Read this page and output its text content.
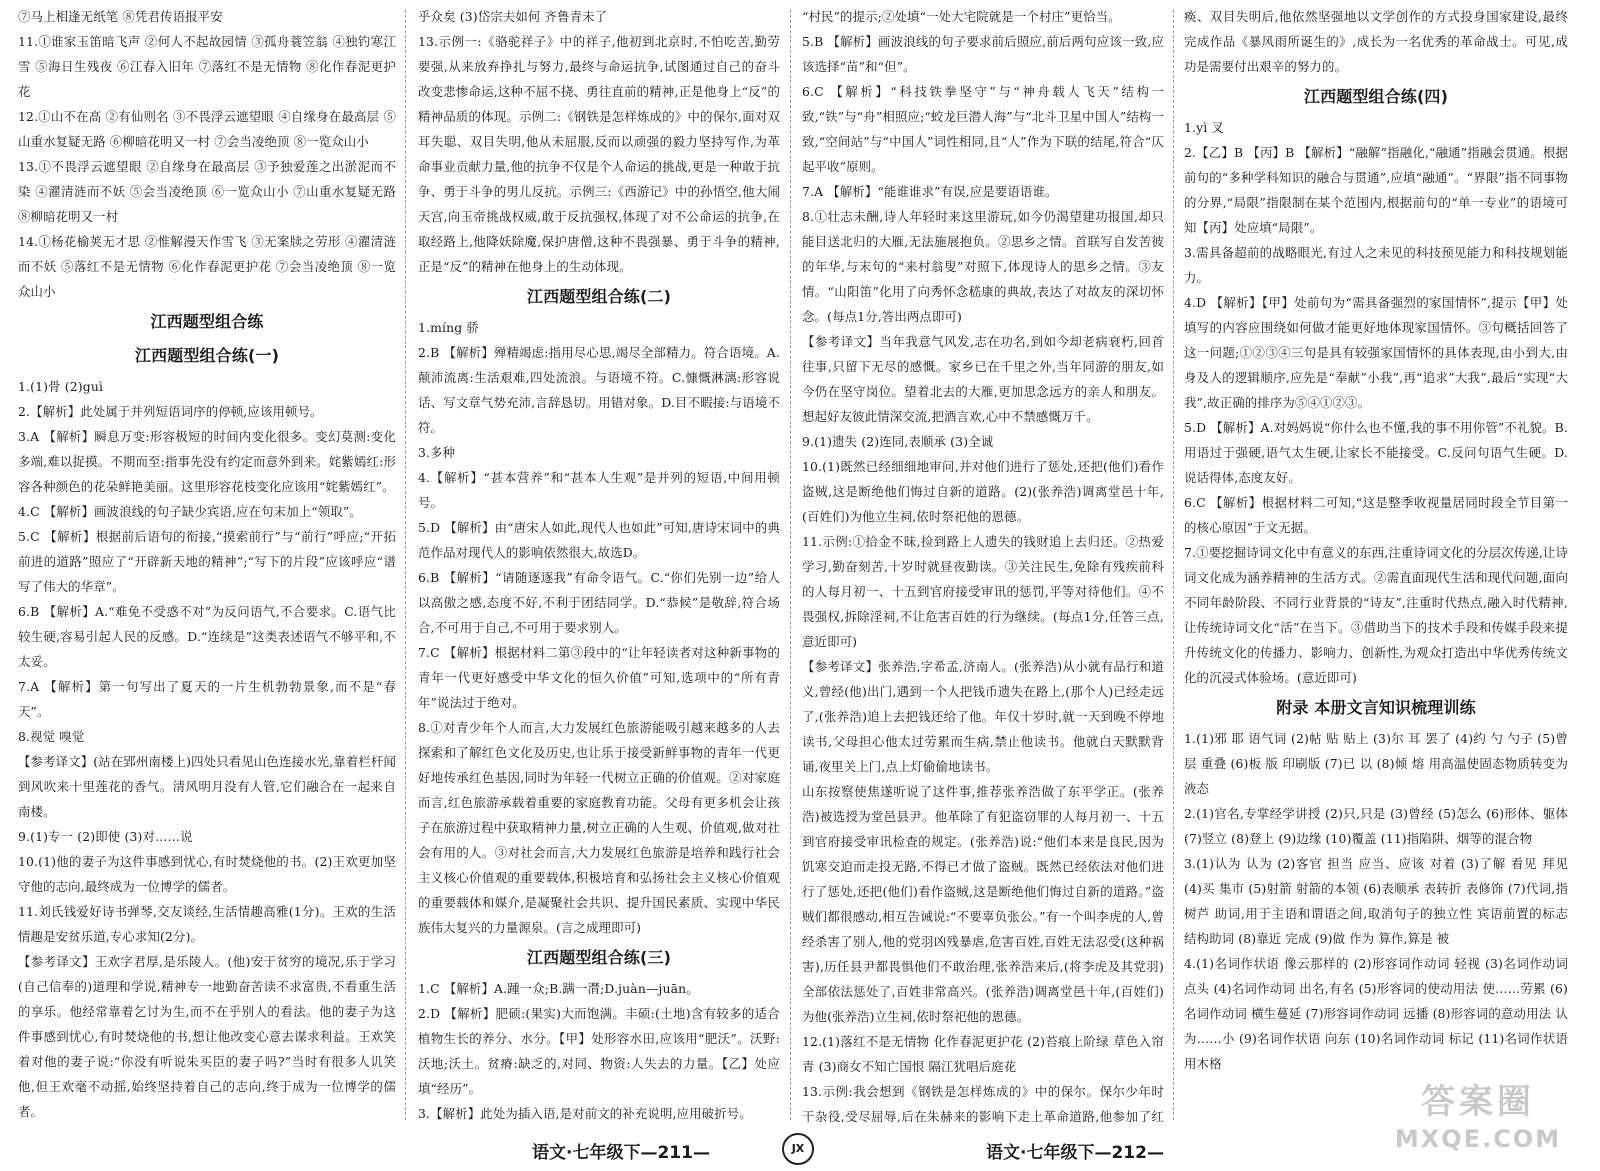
⑦马上相逢无纸笔 ⑧凭君传语报平安
11.①谁家玉笛暗飞声 ②何人不起故园情 ③孤舟蓑笠翁 ④独钓寒江雪 ⑤海日生残夜 ⑥江春入旧年 ⑦落红不是无情物 ⑧化作春泥更护花
12.①山不在高 ②有仙则名 ③不畏浮云遮望眼 ④自缘身在最高层 ⑤山重水复疑无路 ⑥柳暗花明又一村 ⑦会当凌绝顶 ⑧一览众山小
13.①不畏浮云遮望眼 ②自缘身在最高层 ③予独爱莲之出淤泥而不染 ④濯清涟而不妖 ⑤会当凌绝顶 ⑥一览众山小 ⑦山重水复疑无路 ⑧柳暗花明又一村
14.①杨花榆荚无才思 ②惟解漫天作雪飞 ③无案牍之劳形 ④濯清涟而不妖 ⑤落红不是无情物 ⑥化作春泥更护花 ⑦会当凌绝顶 ⑧一览众山小
江西题型组合练
江西题型组合练(一)
1.(1)骨 (2)guì
2.【解析】此处属于并列短语词序的停顿,应该用顿号。
3.A 【解析】瞬息万变:形容极短的时间内变化很多。变幻莫测:变化多端,难以捉摸。不期而至:指事先没有约定而意外到来。姹紫嫣红:形容各种颜色的花朵鲜艳美丽。这里形容花枝变化应该用“姹紫嫣红”。
4.C 【解析】画波浪线的句子缺少宾语,应在句末加上“领取”。
5.C 【解析】根据前后语句的衔接,“摸索前行”与“前行”呼应;“开拓前进的道路”照应了“开辟新天地的精神”;“写下的片段”应该呼应“谱写了伟大的华章”。
6.B 【解析】A.“难免不受惑不对”为反问语气,不合要求。C.语气比较生硬,容易引起人民的反感。D.“连续是”这类表述语气不够平和,不太妥。
7.A 【解析】第一句写出了夏天的一片生机勃勃景象,而不是“春天”。
8.视觉 嗅觉
【参考译文】(站在郢州南楼上)四处只看见山色连接水光,靠着栏杆闻到风吹来十里莲花的香气。清风明月没有人管,它们融合在一起来自南楼。
9.(1)专一 (2)即使 (3)对……说
10.(1)他的妻子为这件事感到忧心,有时焚烧他的书。(2)王欢更加坚守他的志向,最终成为一位博学的儒者。
11.刘氏钱爱好诗书弹琴,交友谈经,生活情趣高雅(1分)。王欢的生活情趣是安贫乐道,专心求知(2分)。
【参考译文】王欢字君厚,是乐陵人。(他)安于贫穷的境况,乐于学习(自己信奉的)道理和学说,精神专一地勤奋苦读不求富贵,不看重生活的享乐。他经常靠着乞讨为生,而不在乎别人的看法。他的妻子为这件事感到忧心,有时焚烧他的书,想让他改变心意去谋求利益。王欢笑着对他的妻子说:“你没有听说朱买臣的妻子吗?”当时有很多人讥笑他,但王欢毫不动摇,始终坚持着自己的志向,终于成为一位博学的儒者。
乎众矣 (3)岱宗夫如何 齐鲁青未了
13.示例一:《骆驼祥子》中的祥子,他初到北京时,不怕吃苦,勤劳要强,从来放弃挣扎与努力,最终与命运抗争,试图通过自己的奋斗改变悲惨命运,这种不屈不挠、勇往直前的精神,正是他身上“反”的精神品质的体现。示例二:《钢铁是怎样炼成的》中的保尔,面对双耳失聪、双目失明,他从未屈服,反而以顽强的毅力坚持写作,为革命事业贡献力量,他的抗争不仅是个人命运的挑战,更是一种敢于抗争、勇于斗争的男儿反抗。示例三:《西游记》中的孙悟空,他大闹天宫,向玉帝挑战权威,敢于反抗强权,体现了对不公命运的抗争,在取经路上,他降妖除魔,保护唐僧,这种不畏强暴、勇于斗争的精神,正是“反”的精神在他身上的生动体现。
江西题型组合练(二)
1.míng 骄
2.B 【解析】殚精竭虑:指用尽心思,竭尽全部精力。符合语境。A.颠沛流离:生活艰难,四处流浪。与语境不符。C.慷慨淋漓:形容说话、写文章气势充沛,言辞恳切。用错对象。D.目不暇接:与语境不符。
3.多种
4.【解析】“甚本营养”和“甚本人生观”是并列的短语,中间用顿号。
5.D 【解析】由“唐宋人如此,现代人也如此”可知,唐诗宋词中的典范作品对现代人的影响依然很大,故选D。
6.B 【解析】“请随逐逐我”有命令语气。C.“你们先别一边”给人以高傲之感,态度不好,不利于团结同学。D.“恭候”是敬辞,符合场合,不可用于自己,不可用于要求别人。
7.C 【解析】根据材料二第③段中的“让年轻读者对这种新事物的青年一代更好感受中华文化的恒久价值”可知,选项中的“所有青年”说法过于绝对。
8.①对青少年个人而言,大力发展红色旅游能吸引越来越多的人去探索和了解红色文化及历史,也让乐于接受新鲜事物的青年一代更好地传承红色基因,同时为年轻一代树立正确的价值观。②对家庭而言,红色旅游承载着重要的家庭教育功能。父母有更多机会让孩子在旅游过程中获取精神力量,树立正确的人生观、价值观,做对社会有用的人。③对社会而言,大力发展红色旅游是培养和践行社会主义核心价值观的重要载体,积极培育和弘扬社会主义核心价值观的重要载体和媒介,是凝聚社会共识、提升国民素质、实现中华民族伟大复兴的力量源泉。(言之成理即可)
江西题型组合练(三)
1.C 【解析】A.踵一众;B.蹒一潸;D.juàn—juān。
2.D 【解析】肥硕:(果实)大而饱满。丰硕:(土地)含有较多的适合植物生长的养分、水分。【甲】处形容水田,应该用“肥沃”。沃野:沃地;沃土。贫瘠:缺乏的,对同、物资:人失去的力量。【乙】处应填“经历”。
3.【解析】此处为插入语,是对前文的补充说明,应用破折号。
“村民”的提示;②处填“一处大宅院就是一个村庄”更恰当。
5.B 【解析】画波浪线的句子要求前后照应,前后两句应该一致,应该选择“苗”和“但”。
6.C 【解析】“科技铁拳坚守”与“神舟载人飞天”结构一致,“铁”与“舟”相照应;“蛟龙巨潜人海”与“北斗卫星中国人”结构一致,“空间站”与“中国人”词性相同,且“人”作为下联的结尾,符合“仄起平收”原则。
7.A 【解析】“能谁谁求”有误,应是要语语谁。
8.①壮志未酬,诗人年轻时来这里游玩,如今仍渴望建功报国,却只能目送北归的大雁,无法施展抱负。②思乡之情。首联写自发苦彼的年华,与末句的“来村翁叟”对照下,体现诗人的思乡之情。③友情。“山阳笛”化用了向秀怀念嵇康的典故,表达了对故友的深切怀念。(每点1分,答出两点即可)
【参考译文】当年我意气风发,志在功名,到如今却老病衰朽,回首往事,只留下无尽的感慨。家乡已在千里之外,当年同游的朋友,如今仍在坚守岗位。望着北去的大雁,更加思念远方的亲人和朋友。想起好友彼此情深交流,把酒言欢,心中不禁感慨万千。
9.(1)遗失 (2)连同,表顺承 (3)全诚
10.(1)既然已经细细地审问,并对他们进行了惩处,还把(他们)看作盗贼,这是断绝他们悔过自新的道路。(2)(张养浩)调离堂邑十年,(百姓们)为他立生祠,依时祭祀他的恩德。
11.示例:①拾金不昧,捡到路上人遗失的钱财追上去归还。②热爱学习,勤奋刻苦,十岁时就昼夜勤读。③关注民生,免除有残疾前科的人每月初一、十五到官府接受审讯的惩罚,平等对待他们。④不畏强权,拆除淫祠,不让危害百姓的行为继续。(每点1分,任答三点,意近即可)
【参考译文】张养浩,字希孟,济南人。(张养浩)从小就有品行和道义,曾经(他)出门,遇到一个人把钱币遗失在路上,(那个人)已经走远了,(张养浩)追上去把钱还给了他。年仅十岁时,就一天到晚不停地读书,父母担心他太过劳累而生病,禁止他读书。他就白天默默背诵,夜里关上门,点上灯偷偷地读书。
山东按察使焦遂听说了这件事,推荐张养浩做了东平学正。(张养浩)被选授为堂邑县尹。他革除了有犯盗窃罪的人每月初一、十五到官府接受审讯检查的规定。(张养浩)说:“他们本来是良民,因为饥寒交迫而走投无路,不得已才做了盗贼。既然已经依法对他们进行了惩处,还把(他们)看作盗贼,这是断绝他们悔过自新的道路。”盗贼们都很感动,相互告诫说:“不要辜负张公。”有一个叫李虎的人,曾经杀害了别人,他的党羽凶残暴虐,危害百姓,百姓无法忍受(这种祸害),历任县尹都畏惧他们不敢治理,张养浩来后,(将李虎及其党羽)全部依法惩处了,百姓非常高兴。(张养浩)调离堂邑十年,(百姓们)为他(张养浩)立生祠,依时祭祀他的恩德。
12.(1)落红不是无情物 化作春泥更护花 (2)苔痕上阶绿 草色入帘青 (3)商女不知亡国恨 隔江犹唱后庭花
13.示例:我会想到《钢铁是怎样炼成的》中的保尔。保尔少年时干杂役,受尽屈辱,后在朱赫来的影响下走上革命道路,他参加了红
痪、双目失明后,他依然坚强地以文学创作的方式投身国家建设,最终完成作品《暴风雨所诞生的》,成长为一名优秀的革命战士。可见,成功是需要付出艰辛的努力的。
江西题型组合练(四)
1.yì 叉
2.【乙】B 【丙】B 【解析】“融解”指融化,“融通”指融会贯通。根据前句的“多种学科知识的融合与贯通”,应填“融通”。“界限”指不同事物的分界,“局限”指限制在某个范围内,根据前句的“单一专业”的语境可知【丙】处应填“局限”。
3.需具备超前的战略眼光,有过人之未见的科技预见能力和科技规划能力。
4.D 【解析】【甲】处前句为“需具备强烈的家国情怀”,提示【甲】处填写的内容应围绕如何做才能更好地体现家国情怀。③句概括回答了这一问题;①②③④三句是具有较强家国情怀的具体表现,由小到大,由身及人的逻辑顺序,应先是“奉献”小我”,再“追求”大我”,最后“实现“大我”,故正确的排序为⑤④①②③。
5.D 【解析】A.对妈妈说“你什么也不懂,我的事不用你管”不礼貌。B.用语过于强硬,语气太生硬,让家长不能接受。C.反问句语气生硬。D.说话得体,态度友好。
6.C 【解析】根据材料二可知,“这是整季收视量居同时段全节目第一的核心原因”于文无据。
7.①要挖掘诗词文化中有意义的东西,注重诗词文化的分层次传递,让诗词文化成为涵养精神的生活方式。②需直面现代生活和现代问题,面向不同年龄阶段、不同行业背景的“诗友”,注重时代热点,融入时代精神,让传统诗词文化“活”在当下。③借助当下的技术手段和传媒手段来提升传统文化的传播力、影响力、创新性,为观众打造出中华优秀传统文化的沉浸式体验场。(意近即可)
附录 本册文言知识梳理训练
1.(1)邪 耶 语气词 (2)帖 贴 贴上 (3)尔 耳 罢了 (4)约 勺 勺子 (5)曾 层 重叠 (6)板 版 印刷版 (7)已 以 (8)倾 熔 用高温使固态物质转变为液态
2.(1)官名,专掌经学讲授 (2)只,只是 (3)曾经 (5)怎么 (6)形体、躯体 (7)竖立 (8)登上 (9)边缘 (10)覆盖 (11)指陷阱、烟等的混合物
3.(1)认为 认为 (2)客官 担当 应当、应该 对着 (3)了解 看见 拜见 (4)买 集市 (5)射箭 射箭的本领 (6)表顺承 表转折 表修饰 (7)代词,指树芦 助词,用于主语和谓语之间,取消句子的独立性 宾语前置的标志 结构助词 (8)靠近 完成 (9)做 作为 算作,算是 被
4.(1)名词作状语 像云那样的 (2)形容词作动词 轻视 (3)名词作动词 点头 (4)名词作动词 出名,有名 (5)形容词的使动用法 使……劳累 (6)名词作动词 横生蔓延 (7)形容词作动词 远播 (8)形容词的意动用法 认为……小 (9)名词作状语 向东 (10)名词作动词 标记 (11)名词作状语 用木格
语文·七年级下—211—	JX	语文·七年级下—212—
答案圈
MXQE.COM
